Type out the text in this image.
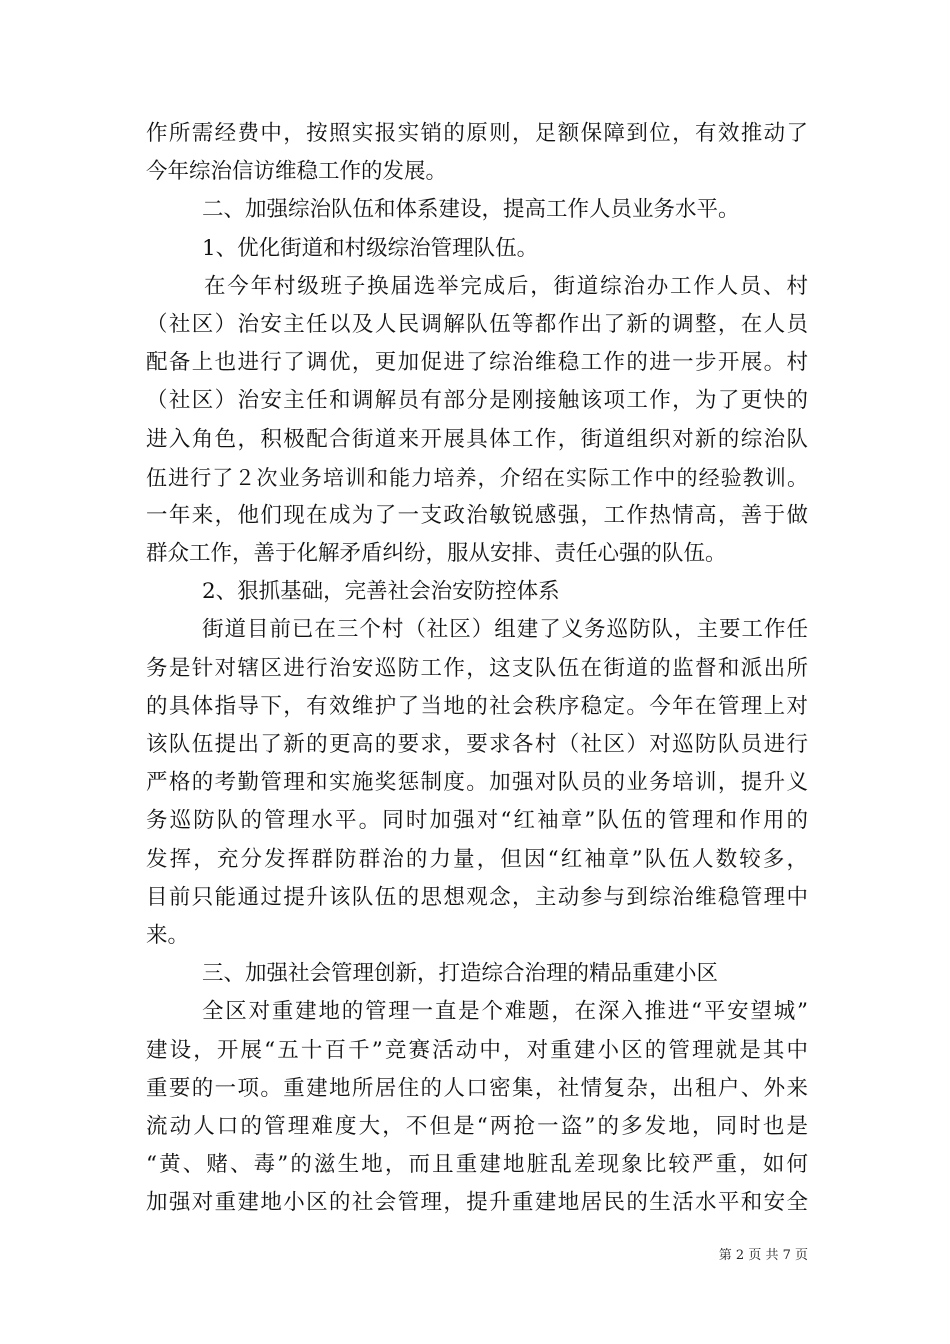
作所需经费中，按照实报实销的原则，足额保障到位，有效推动了
今年综治信访维稳工作的发展。
二、加强综治队伍和体系建设，提高工作人员业务水平。
1、优化街道和村级综治管理队伍。
在今年村级班子换届选举完成后，街道综治办工作人员、村
（社区）治安主任以及人民调解队伍等都作出了新的调整，在人员
配备上也进行了调优，更加促进了综治维稳工作的进一步开展。村
（社区）治安主任和调解员有部分是刚接触该项工作，为了更快的
进入角色，积极配合街道来开展具体工作，街道组织对新的综治队
伍进行了２次业务培训和能力培养，介绍在实际工作中的经验教训。
一年来，他们现在成为了一支政治敏锐感强，工作热情高，善于做
群众工作，善于化解矛盾纠纷，服从安排、责任心强的队伍。
2、狠抓基础，完善社会治安防控体系
街道目前已在三个村（社区）组建了义务巡防队，主要工作任
务是针对辖区进行治安巡防工作，这支队伍在街道的监督和派出所
的具体指导下，有效维护了当地的社会秩序稳定。今年在管理上对
该队伍提出了新的更高的要求，要求各村（社区）对巡防队员进行
严格的考勤管理和实施奖惩制度。加强对队员的业务培训，提升义
务巡防队的管理水平。同时加强对“红袖章”队伍的管理和作用的
发挥，充分发挥群防群治的力量，但因“红袖章”队伍人数较多，
目前只能通过提升该队伍的思想观念，主动参与到综治维稳管理中
来。
三、加强社会管理创新，打造综合治理的精品重建小区
全区对重建地的管理一直是个难题，在深入推进“平安望城”
建设，开展“五十百千”竞赛活动中，对重建小区的管理就是其中
重要的一项。重建地所居住的人口密集，社情复杂，出租户、外来
流动人口的管理难度大，不但是“两抢一盗”的多发地，同时也是
“黄、赌、毒”的滋生地，而且重建地脏乱差现象比较严重，如何
加强对重建地小区的社会管理，提升重建地居民的生活水平和安全
第 2 页 共 7 页
